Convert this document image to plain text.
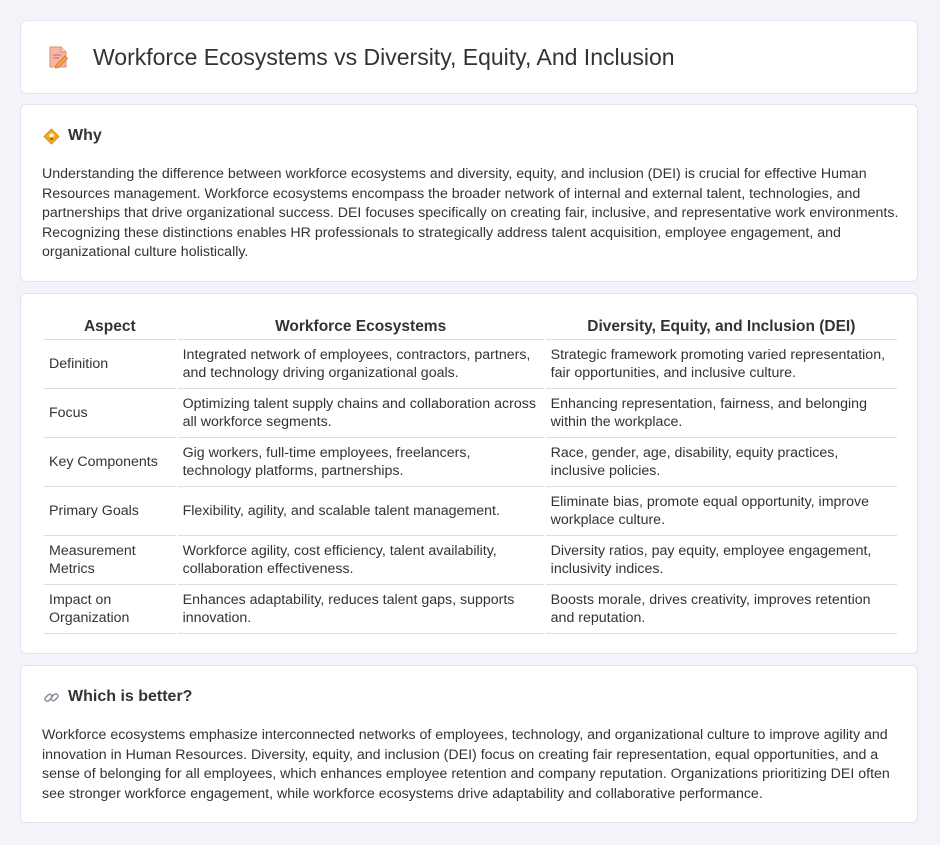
Workforce Ecosystems vs Diversity, Equity, And Inclusion
Why

Understanding the difference between workforce ecosystems and diversity, equity, and inclusion (DEI) is crucial for effective Human Resources management. Workforce ecosystems encompass the broader network of internal and external talent, technologies, and partnerships that drive organizational success. DEI focuses specifically on creating fair, inclusive, and representative work environments. Recognizing these distinctions enables HR professionals to strategically address talent acquisition, employee engagement, and organizational culture holistically.

Aspect	Workforce Ecosystems	Diversity, Equity, and Inclusion (DEI)
Definition	Integrated network of employees, contractors, partners, and technology driving organizational goals.	Strategic framework promoting varied representation, fair opportunities, and inclusive culture.
Focus	Optimizing talent supply chains and collaboration across all workforce segments.	Enhancing representation, fairness, and belonging within the workplace.
Key Components	Gig workers, full-time employees, freelancers, technology platforms, partnerships.	Race, gender, age, disability, equity practices, inclusive policies.
Primary Goals	Flexibility, agility, and scalable talent management.	Eliminate bias, promote equal opportunity, improve workplace culture.
Measurement Metrics	Workforce agility, cost efficiency, talent availability, collaboration effectiveness.	Diversity ratios, pay equity, employee engagement, inclusivity indices.
Impact on Organization	Enhances adaptability, reduces talent gaps, supports innovation.	Boosts morale, drives creativity, improves retention and reputation.
Which is better?

Workforce ecosystems emphasize interconnected networks of employees, technology, and organizational culture to improve agility and innovation in Human Resources. Diversity, equity, and inclusion (DEI) focus on creating fair representation, equal opportunities, and a sense of belonging for all employees, which enhances employee retention and company reputation. Organizations prioritizing DEI often see stronger workforce engagement, while workforce ecosystems drive adaptability and collaborative performance.
